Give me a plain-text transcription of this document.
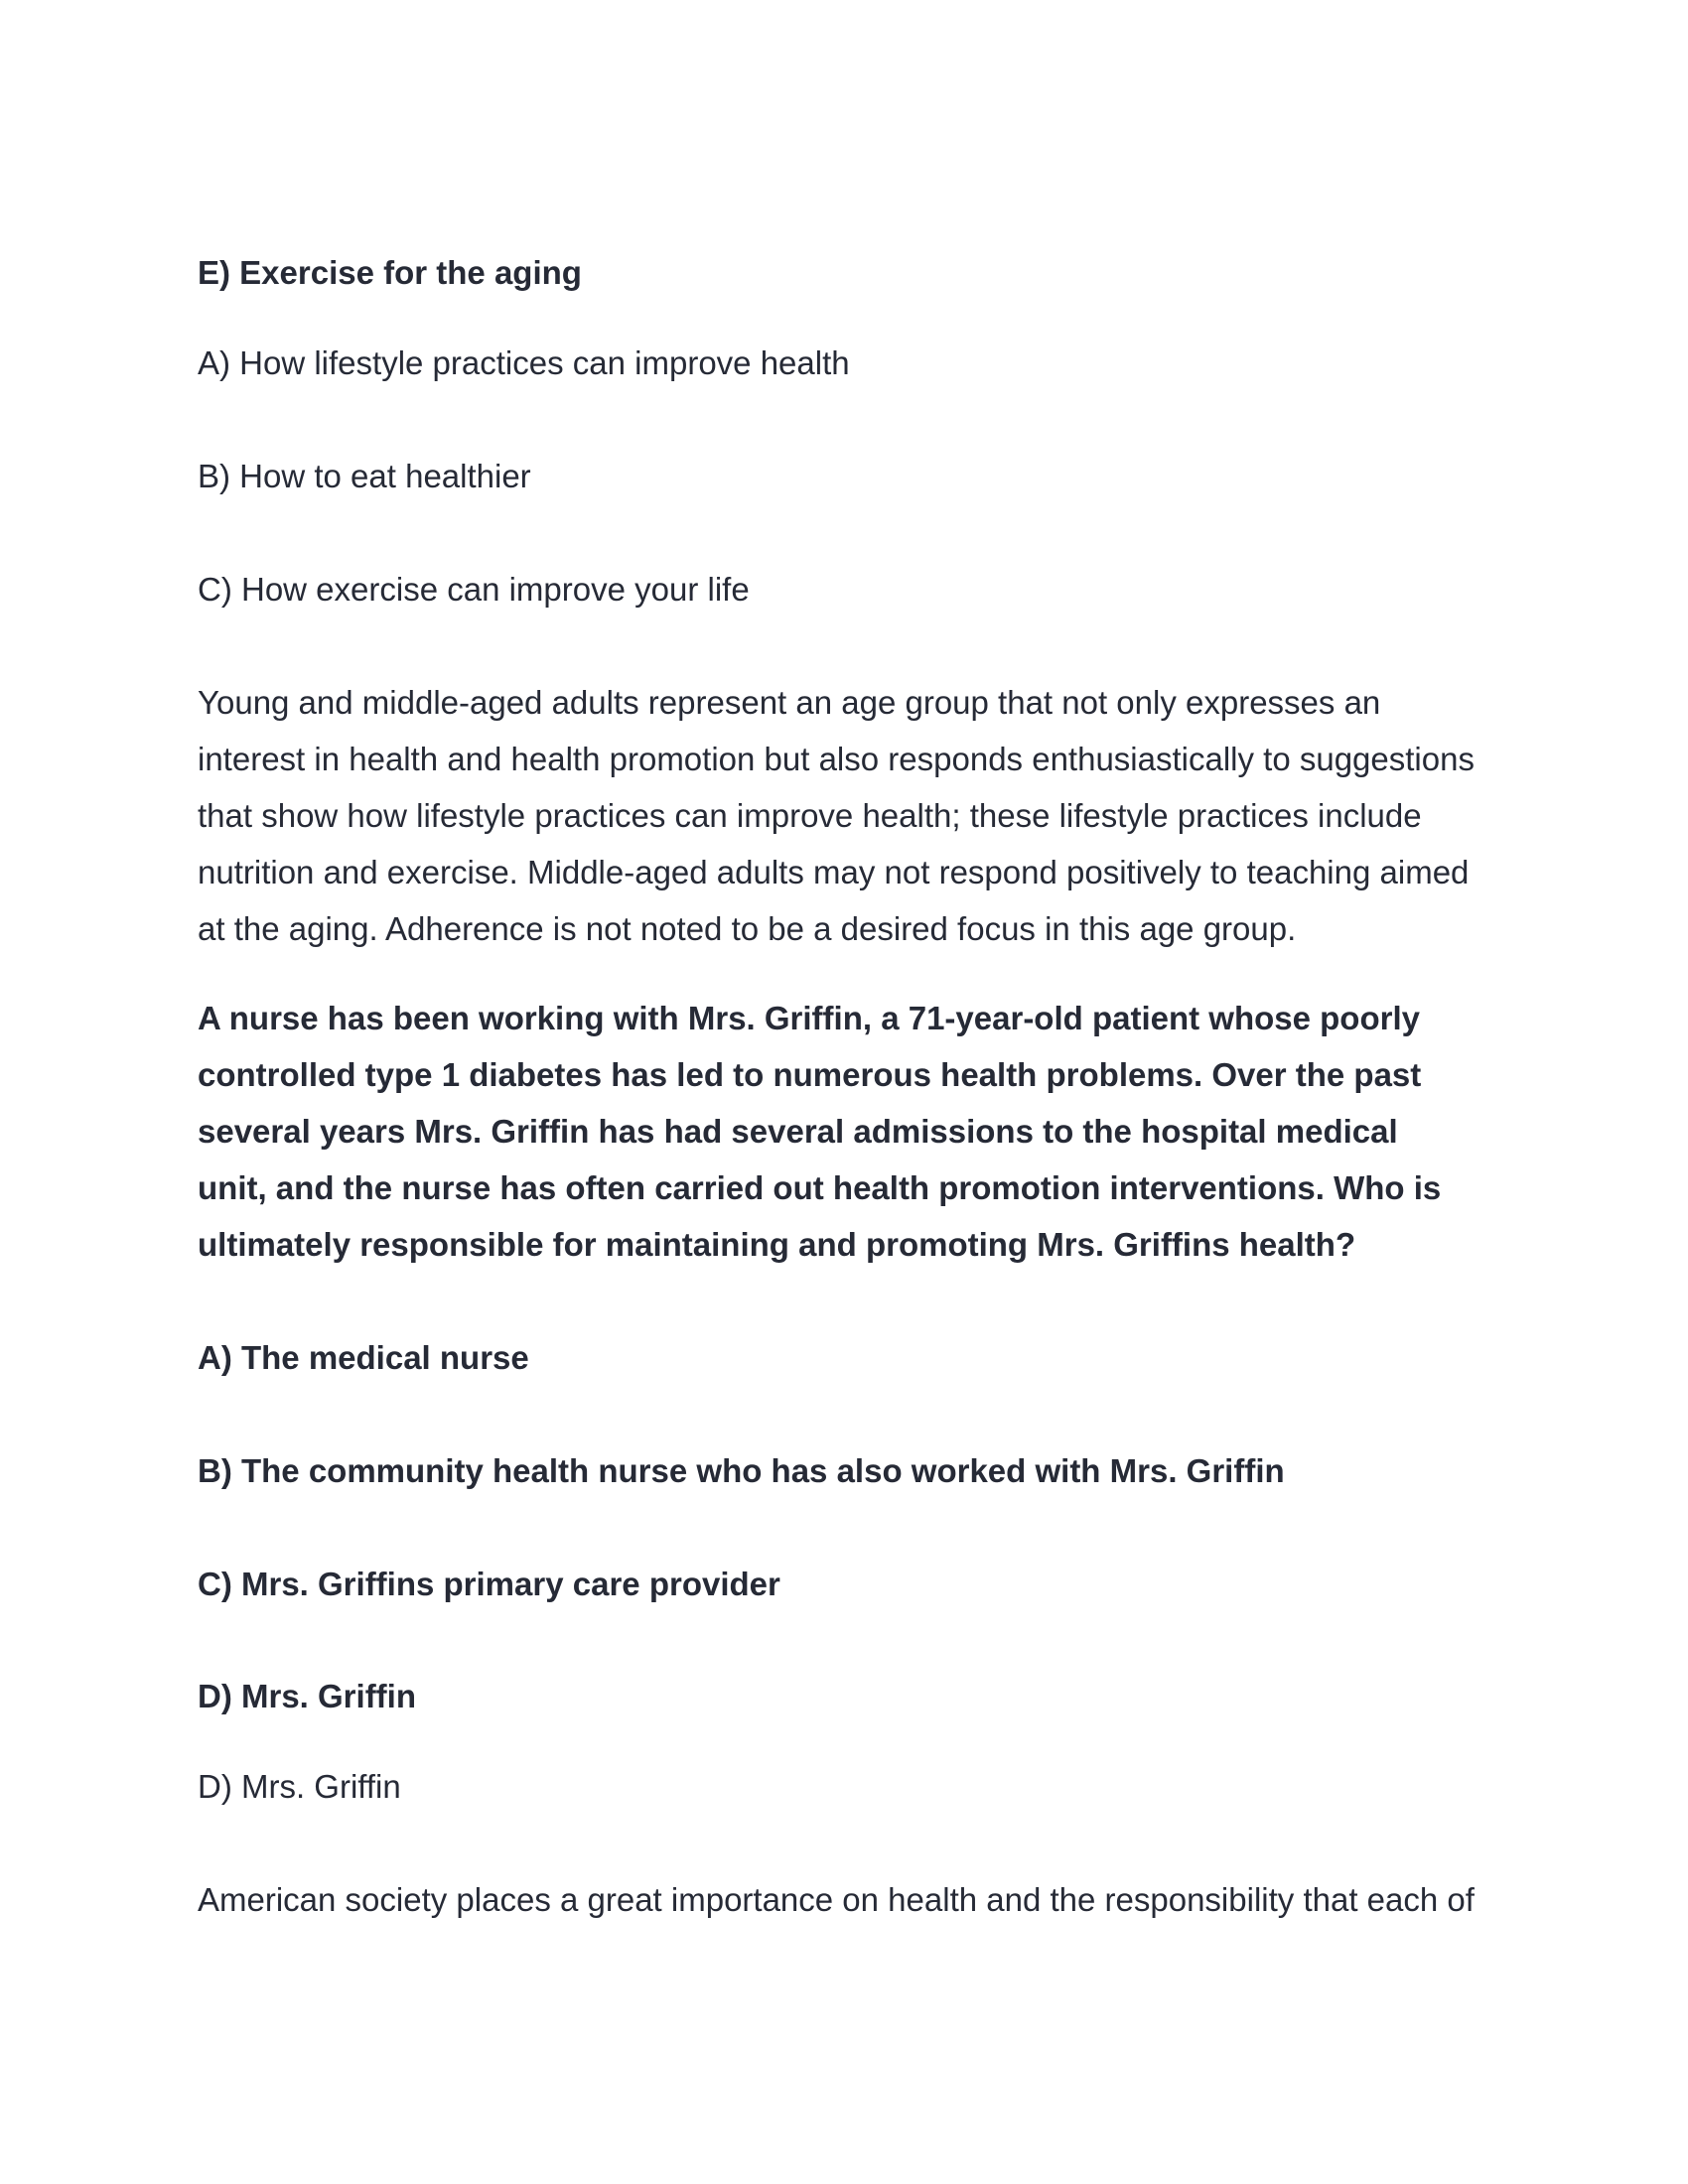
E) Exercise for the aging

A) How lifestyle practices can improve health

B) How to eat healthier

C) How exercise can improve your life

Young and middle-aged adults represent an age group that not only expresses an

interest in health and health promotion but also responds enthusiastically to suggestions

that show how lifestyle practices can improve health; these lifestyle practices include

nutrition and exercise. Middle-aged adults may not respond positively to teaching aimed

at the aging. Adherence is not noted to be a desired focus in this age group.

A nurse has been working with Mrs. Griffin, a 71-year-old patient whose poorly

controlled type 1 diabetes has led to numerous health problems. Over the past

several years Mrs. Griffin has had several admissions to the hospital medical

unit, and the nurse has often carried out health promotion interventions. Who is

ultimately responsible for maintaining and promoting Mrs. Griffins health?

A) The medical nurse

B) The community health nurse who has also worked with Mrs. Griffin

C) Mrs. Griffins primary care provider

D) Mrs. Griffin

D) Mrs. Griffin

American society places a great importance on health and the responsibility that each of
